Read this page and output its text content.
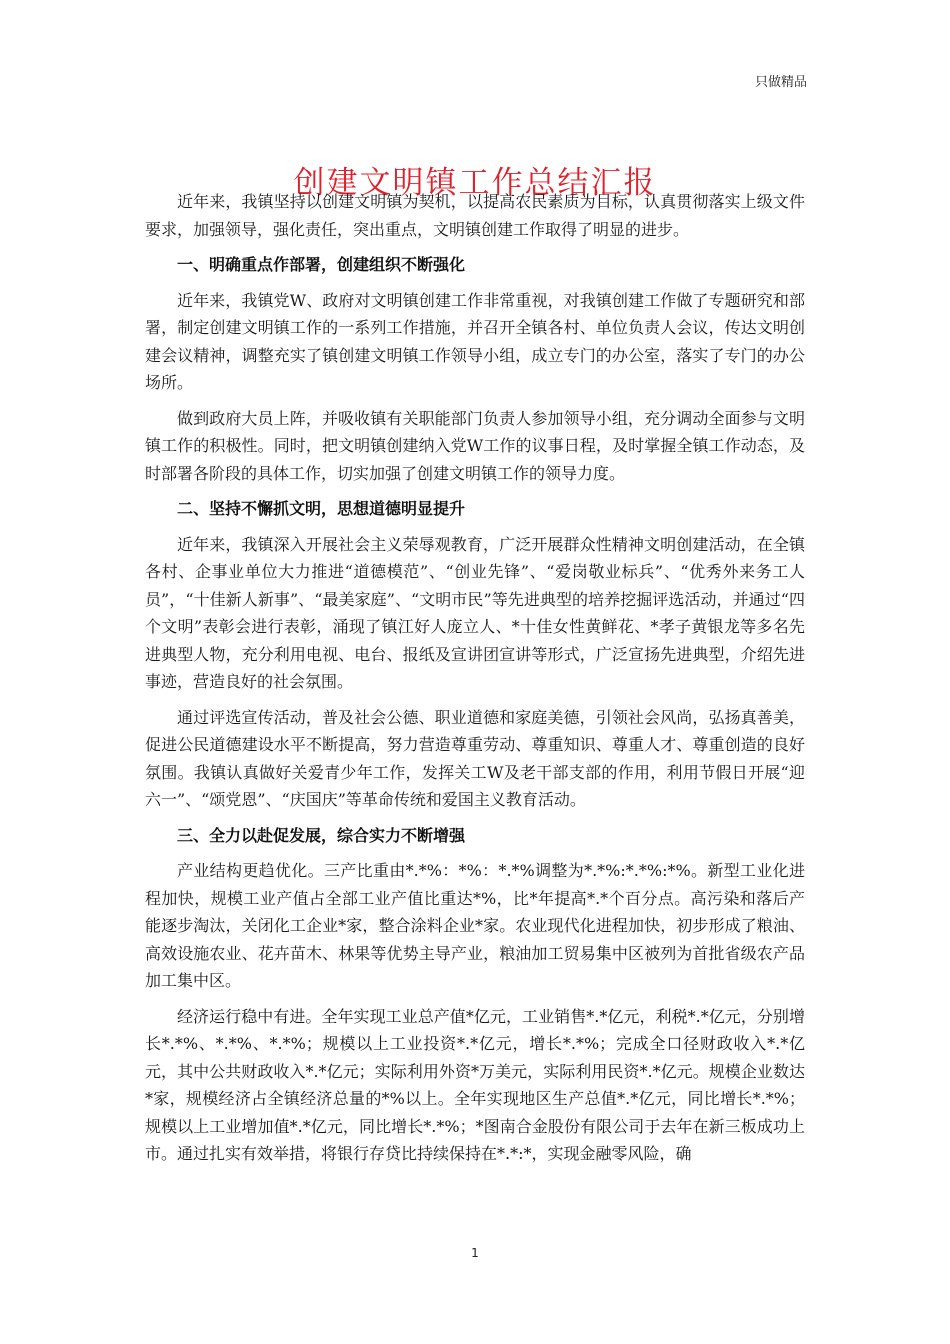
只做精品
创建文明镇工作总结汇报

近年来，我镇坚持以创建文明镇为契机，以提高农民素质为目标，认真贯彻落实上级文件要求，加强领导，强化责任，突出重点，文明镇创建工作取得了明显的进步。

一、明确重点作部署，创建组织不断强化

近年来，我镇党W、政府对文明镇创建工作非常重视，对我镇创建工作做了专题研究和部署，制定创建文明镇工作的一系列工作措施，并召开全镇各村、单位负责人会议，传达文明创建会议精神，调整充实了镇创建文明镇工作领导小组，成立专门的办公室，落实了专门的办公场所。

做到政府大员上阵，并吸收镇有关职能部门负责人参加领导小组，充分调动全面参与文明镇工作的积极性。同时，把文明镇创建纳入党W工作的议事日程，及时掌握全镇工作动态，及时部署各阶段的具体工作，切实加强了创建文明镇工作的领导力度。

二、坚持不懈抓文明，思想道德明显提升

近年来，我镇深入开展社会主义荣辱观教育，广泛开展群众性精神文明创建活动，在全镇各村、企事业单位大力推进“道德模范”、“创业先锋”、“爱岗敬业标兵”、“优秀外来务工人员”，“十佳新人新事”、“最美家庭”、“文明市民”等先进典型的培养挖掘评选活动，并通过“四个文明”表彰会进行表彰，涌现了镇江好人庞立人、*十佳女性黄鲜花、*孝子黄银龙等多名先进典型人物，充分利用电视、电台、报纸及宣讲团宣讲等形式，广泛宣扬先进典型，介绍先进事迹，营造良好的社会氛围。

通过评选宣传活动，普及社会公德、职业道德和家庭美德，引领社会风尚，弘扬真善美，促进公民道德建设水平不断提高，努力营造尊重劳动、尊重知识、尊重人才、尊重创造的良好氛围。我镇认真做好关爱青少年工作，发挥关工W及老干部支部的作用，利用节假日开展“迎六一”、“颂党恩”、“庆国庆”等革命传统和爱国主义教育活动。

三、全力以赴促发展，综合实力不断增强

产业结构更趋优化。三产比重由*.*%：*%：*.*%调整为*.*%:*.*%:*%。新型工业化进程加快，规模工业产值占全部工业产值比重达*%，比*年提高*.*个百分点。高污染和落后产能逐步淘汰，关闭化工企业*家，整合涂料企业*家。农业现代化进程加快，初步形成了粮油、高效设施农业、花卉苗木、林果等优势主导产业，粮油加工贸易集中区被列为首批省级农产品加工集中区。

经济运行稳中有进。全年实现工业总产值*亿元，工业销售*.*亿元，利税*.*亿元，分别增长*.*%、*.*%、*.*%；规模以上工业投资*.*亿元，增长*.*%；完成全口径财政收入*.*亿元，其中公共财政收入*.*亿元；实际利用外资*万美元，实际利用民资*.*亿元。规模企业数达*家，规模经济占全镇经济总量的*%以上。全年实现地区生产总值*.*亿元，同比增长*.*%；规模以上工业增加值*.*亿元，同比增长*.*%；*图南合金股份有限公司于去年在新三板成功上市。通过扎实有效举措，将银行存贷比持续保持在*.*:*，实现金融零风险，确

1
